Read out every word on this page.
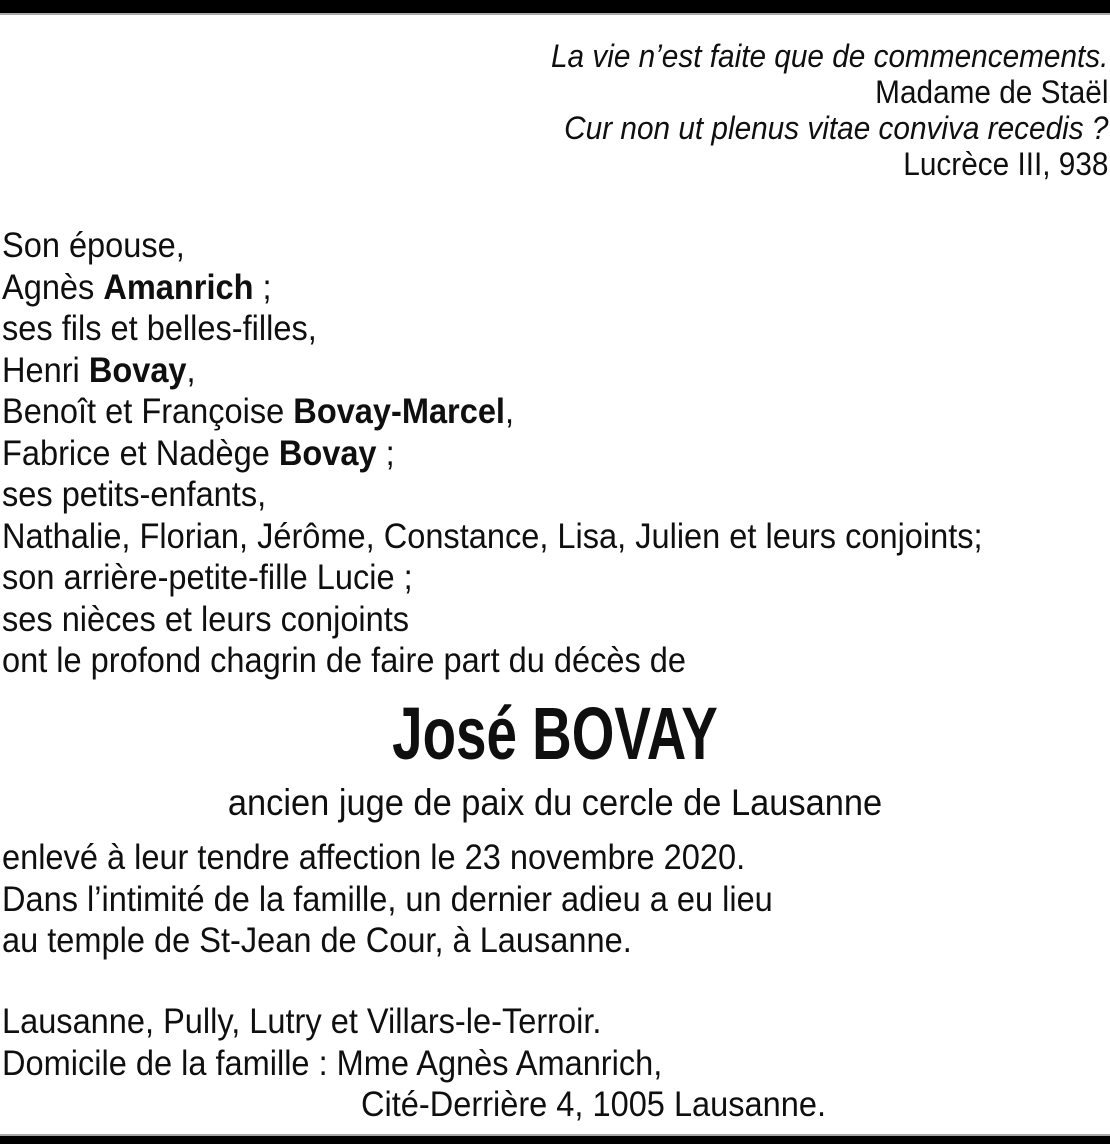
La vie n’est faite que de commencements.
Madame de Staël
Cur non ut plenus vitae conviva recedis ?
Lucrèce III, 938
Son épouse,
Agnès Amanrich ;
ses fils et belles-filles,
Henri Bovay,
Benoît et Françoise Bovay-Marcel,
Fabrice et Nadège Bovay ;
ses petits-enfants,
Nathalie, Florian, Jérôme, Constance, Lisa, Julien et leurs conjoints;
son arrière-petite-fille Lucie ;
ses nièces et leurs conjoints
ont le profond chagrin de faire part du décès de
José BOVAY
ancien juge de paix du cercle de Lausanne
enlevé à leur tendre affection le 23 novembre 2020.
Dans l’intimité de la famille, un dernier adieu a eu lieu
au temple de St-Jean de Cour, à Lausanne.
Lausanne, Pully, Lutry et Villars-le-Terroir.
Domicile de la famille : Mme Agnès Amanrich,
Cité-Derrière 4, 1005 Lausanne.
